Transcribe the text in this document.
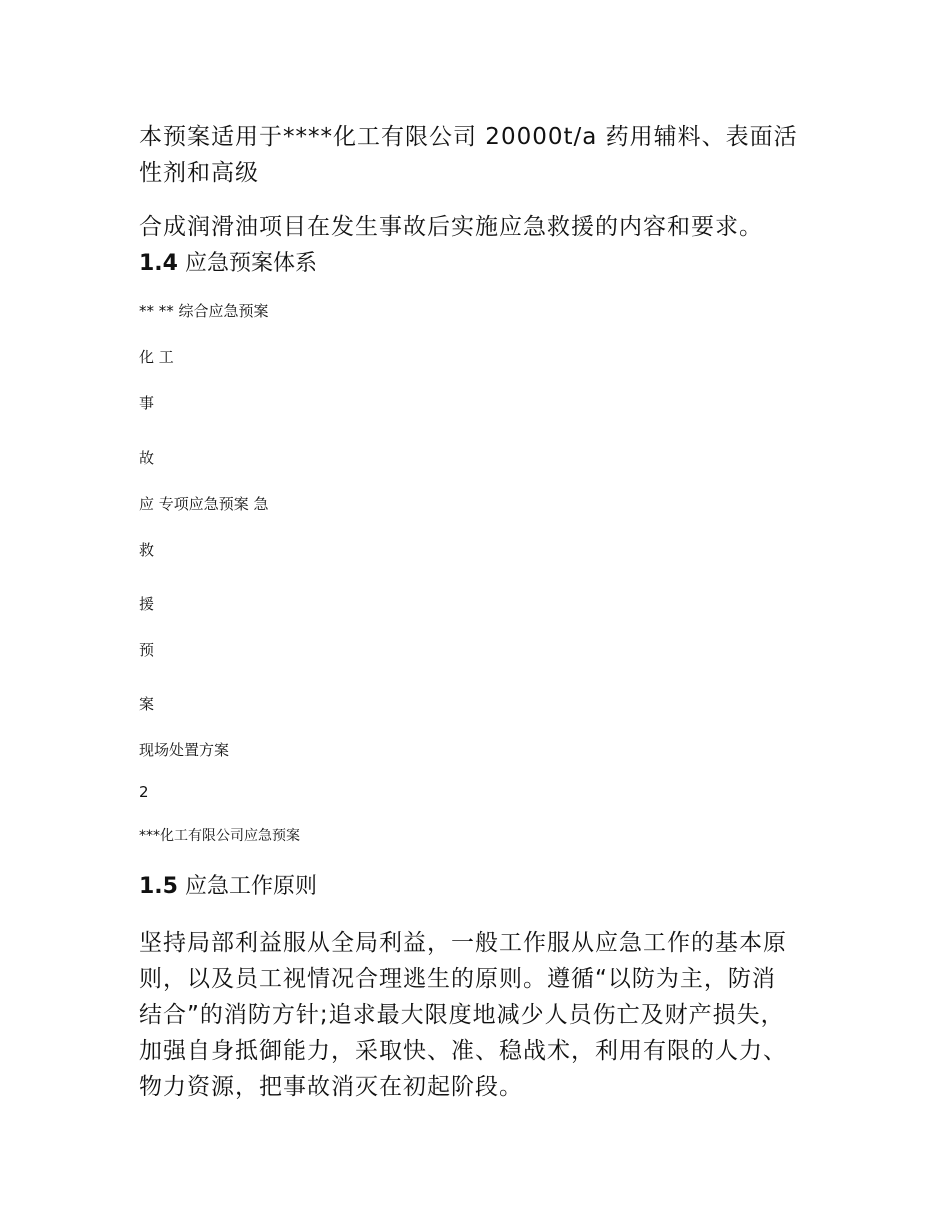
本预案适用于****化工有限公司 20000t/a 药用辅料、表面活

性剂和高级

合成润滑油项目在发生事故后实施应急救援的内容和要求。

1.4 应急预案体系

** ** 综合应急预案

化 工

事

故

应 专项应急预案 急

救

援

预

案

现场处置方案

2

***化工有限公司应急预案

1.5 应急工作原则

坚持局部利益服从全局利益，一般工作服从应急工作的基本原

则，以及员工视情况合理逃生的原则。遵循“以防为主，防消

结合”的消防方针;追求最大限度地减少人员伤亡及财产损失，

加强自身抵御能力，采取快、准、稳战术，利用有限的人力、

物力资源，把事故消灭在初起阶段。
